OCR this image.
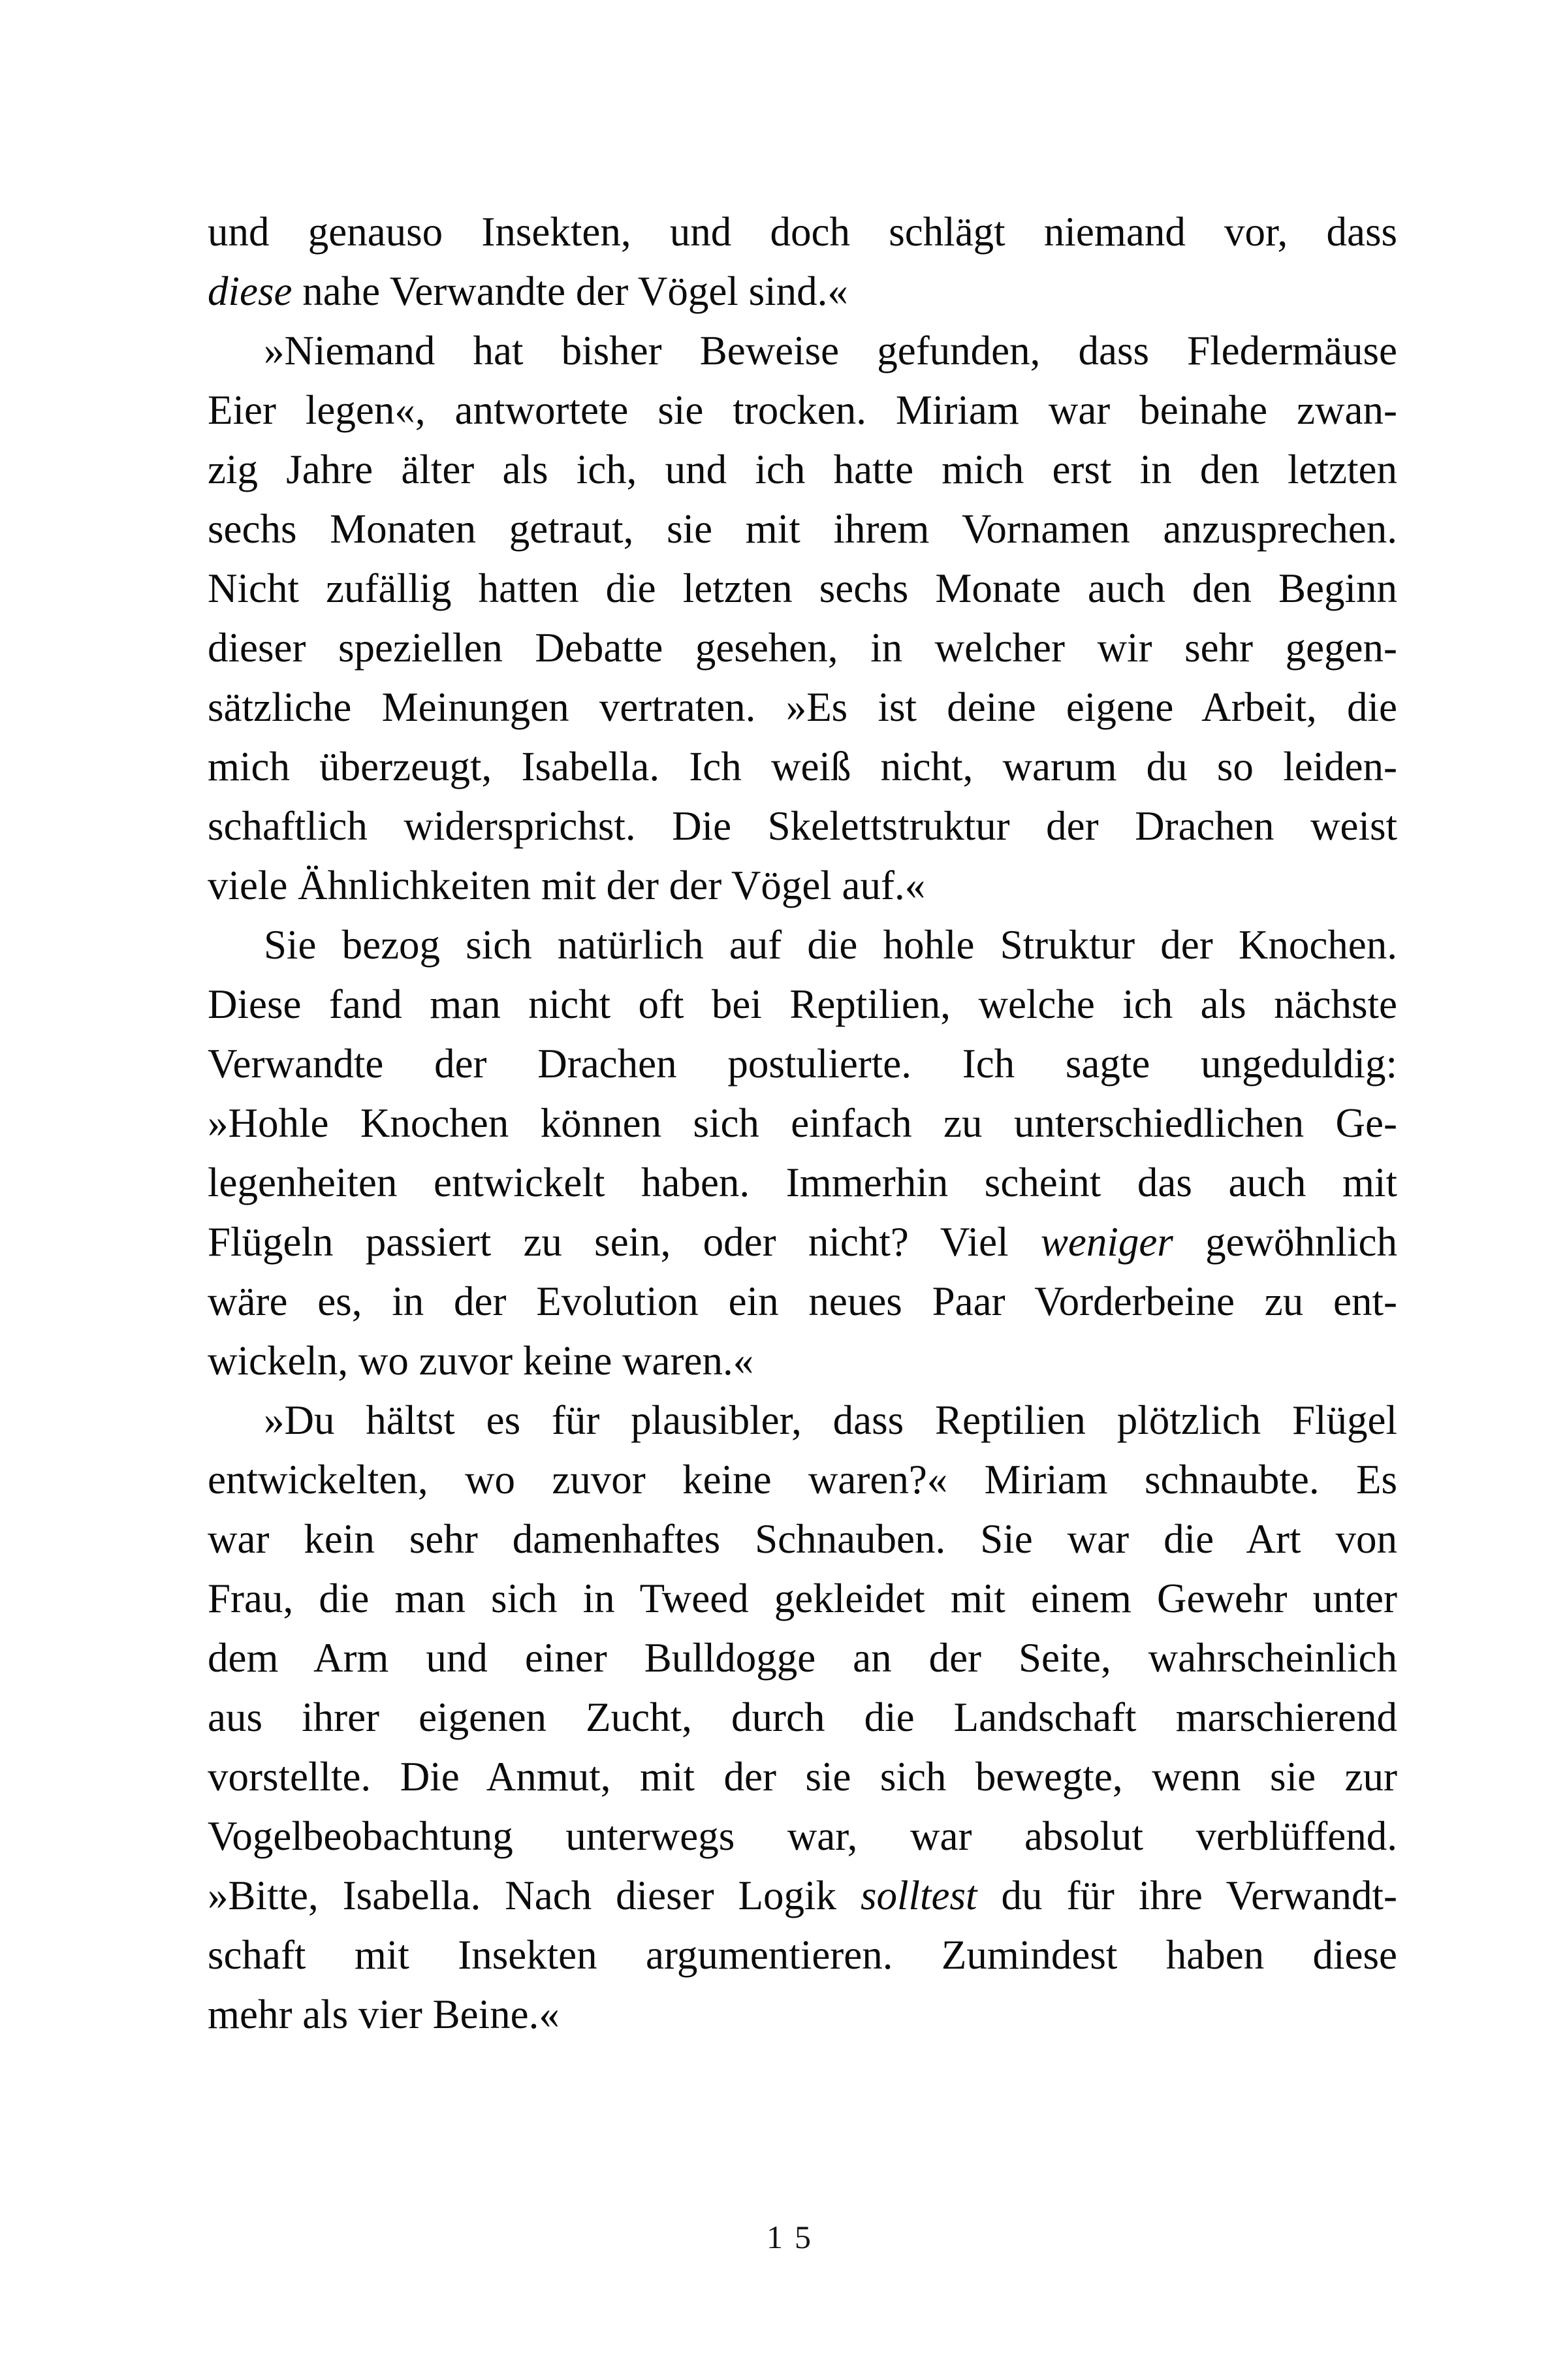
und genauso Insekten, und doch schlägt niemand vor, dass
diese nahe Verwandte der Vögel sind.«
»Niemand hat bisher Beweise gefunden, dass Fledermäuse
Eier legen«, antwortete sie trocken. Miriam war beinahe zwan-
zig Jahre älter als ich, und ich hatte mich erst in den letzten
sechs Monaten getraut, sie mit ihrem Vornamen anzusprechen.
Nicht zufällig hatten die letzten sechs Monate auch den Beginn
dieser speziellen Debatte gesehen, in welcher wir sehr gegen-
sätzliche Meinungen vertraten. »Es ist deine eigene Arbeit, die
mich überzeugt, Isabella. Ich weiß nicht, warum du so leiden-
schaftlich widersprichst. Die Skelettstruktur der Drachen weist
viele Ähnlichkeiten mit der der Vögel auf.«
Sie bezog sich natürlich auf die hohle Struktur der Knochen.
Diese fand man nicht oft bei Reptilien, welche ich als nächste
Verwandte der Drachen postulierte. Ich sagte ungeduldig:
»Hohle Knochen können sich einfach zu unterschiedlichen Ge-
legenheiten entwickelt haben. Immerhin scheint das auch mit
Flügeln passiert zu sein, oder nicht? Viel weniger gewöhnlich
wäre es, in der Evolution ein neues Paar Vorderbeine zu ent-
wickeln, wo zuvor keine waren.«
»Du hältst es für plausibler, dass Reptilien plötzlich Flügel
entwickelten, wo zuvor keine waren?« Miriam schnaubte. Es
war kein sehr damenhaftes Schnauben. Sie war die Art von
Frau, die man sich in Tweed gekleidet mit einem Gewehr unter
dem Arm und einer Bulldogge an der Seite, wahrscheinlich
aus ihrer eigenen Zucht, durch die Landschaft marschierend
vorstellte. Die Anmut, mit der sie sich bewegte, wenn sie zur
Vogelbeobachtung unterwegs war, war absolut verblüffend.
»Bitte, Isabella. Nach dieser Logik solltest du für ihre Verwandt-
schaft mit Insekten argumentieren. Zumindest haben diese
mehr als vier Beine.«
15
